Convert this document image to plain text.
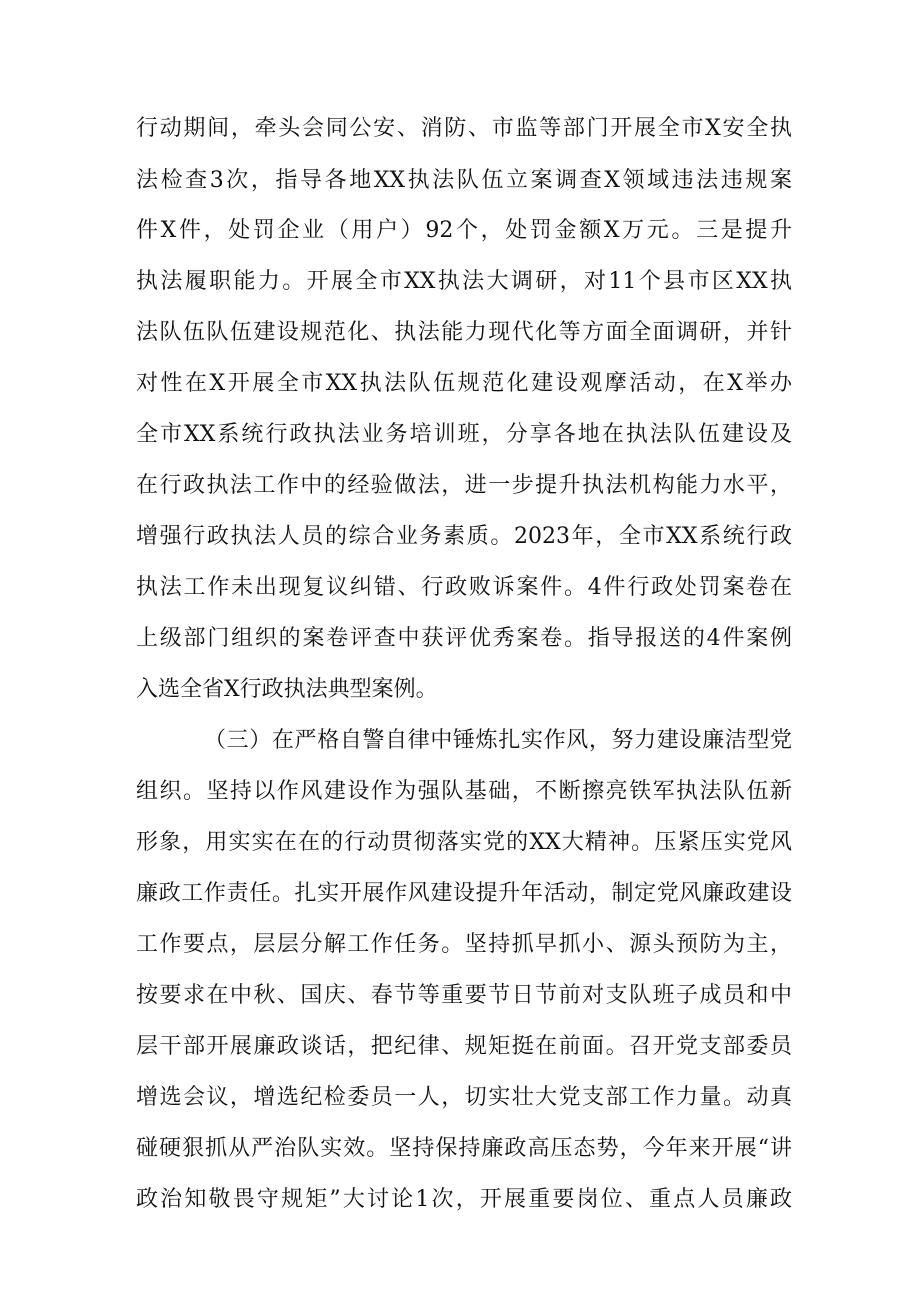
行动期间，牵头会同公安、消防、市监等部门开展全市X安全执
法检查3次，指导各地XX执法队伍立案调查X领域违法违规案
件X件，处罚企业（用户）92个，处罚金额X万元。三是提升
执法履职能力。开展全市XX执法大调研，对11个县市区XX执
法队伍队伍建设规范化、执法能力现代化等方面全面调研，并针
对性在X开展全市XX执法队伍规范化建设观摩活动，在X举办
全市XX系统行政执法业务培训班，分享各地在执法队伍建设及
在行政执法工作中的经验做法，进一步提升执法机构能力水平，
增强行政执法人员的综合业务素质。2023年，全市XX系统行政
执法工作未出现复议纠错、行政败诉案件。4件行政处罚案卷在
上级部门组织的案卷评查中获评优秀案卷。指导报送的4件案例
入选全省X行政执法典型案例。
（三）在严格自警自律中锤炼扎实作风，努力建设廉洁型党
组织。坚持以作风建设作为强队基础，不断擦亮铁军执法队伍新
形象，用实实在在的行动贯彻落实党的XX大精神。压紧压实党风
廉政工作责任。扎实开展作风建设提升年活动，制定党风廉政建设
工作要点，层层分解工作任务。坚持抓早抓小、源头预防为主，
按要求在中秋、国庆、春节等重要节日节前对支队班子成员和中
层干部开展廉政谈话，把纪律、规矩挺在前面。召开党支部委员
增选会议，增选纪检委员一人，切实壮大党支部工作力量。动真
碰硬狠抓从严治队实效。坚持保持廉政高压态势，今年来开展“讲
政治知敬畏守规矩”大讨论1次，开展重要岗位、重点人员廉政
